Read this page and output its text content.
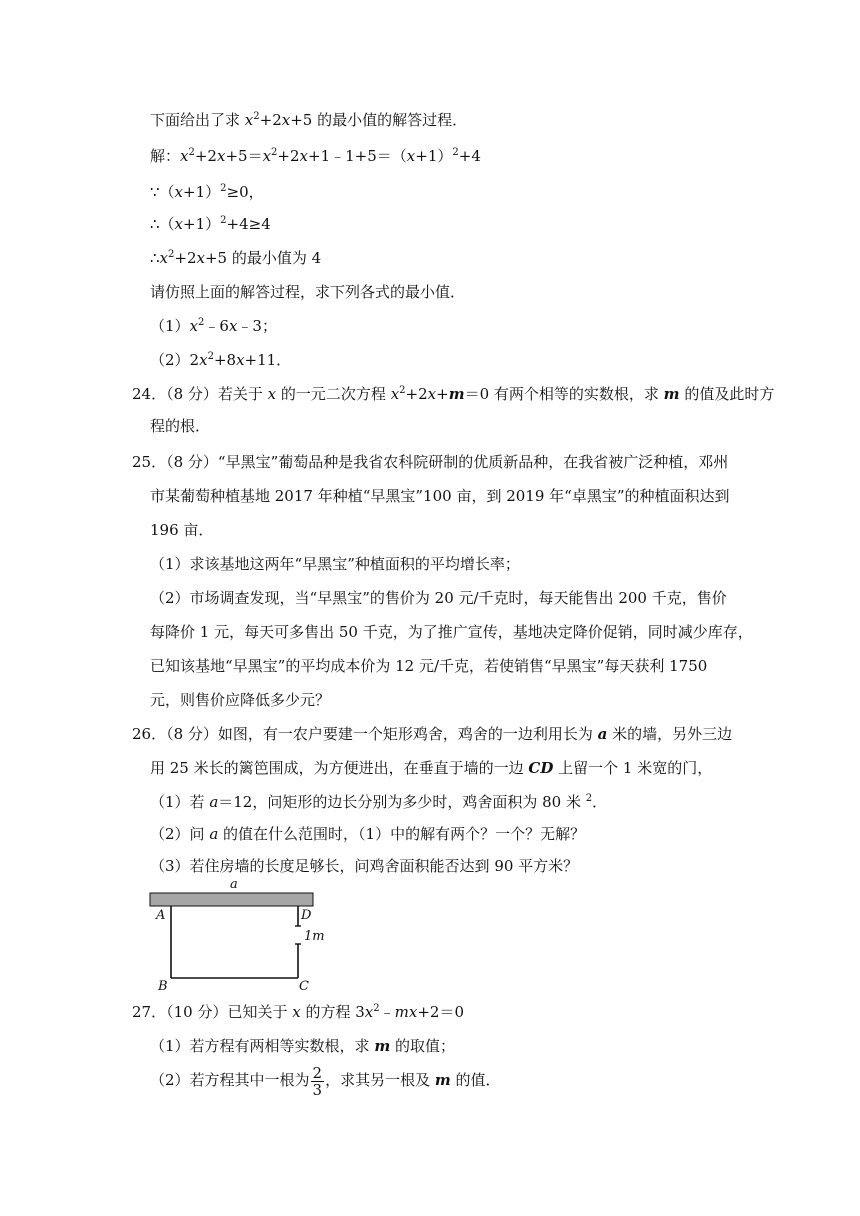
下面给出了求 $x^2+2x+5$ 的最小值的解答过程．
解：$x^2+2x+5=x^2+2x+1﹣1+5=(x+1)^2+4$
$\because(x+1)^2\ge 0$，
$\therefore(x+1)^2+4\ge 4$
$\therefore x^2+2x+5$ 的最小值为 4
请仿照上面的解答过程，求下列各式的最小值．
$(1)x^2﹣6x﹣3$；
$(2)2x^2+8x+11$．
24．（8 分）若关于 x 的一元二次方程 $x^2+2x+m=0$ 有两个相等的实数根，求 m 的值及此时方
程的根．
25．（8 分）“早黑宝”葡萄品种是我省农科院研制的优质新品种，在我省被广泛种植，邓州
市某葡萄种植基地 2017 年种植“早黑宝”100 亩，到 2019 年“卓黑宝”的种植面积达到
196 亩．
（1）求该基地这两年“早黑宝”种植面积的平均增长率；
（2）市场调查发现，当“早黑宝”的售价为 20 元/千克时，每天能售出 200 千克，售价
每降价 1 元，每天可多售出 50 千克，为了推广宣传，基地决定降价促销，同时减少库存，
已知该基地“早黑宝”的平均成本价为 12 元/千克，若使销售“早黑宝”每天获利 1750
元，则售价应降低多少元？
26．（8 分）如图，有一农户要建一个矩形鸡舍，鸡舍的一边利用长为 a 米的墙，另外三边
用 25 米长的篱笆围成，为方便进出，在垂直于墙的一边 CD 上留一个 1 米宽的门，
（1）若 a＝12，问矩形的边长分别为多少时，鸡舍面积为 80 米 $^2$．
（2）问 a 的值在什么范围时，（1）中的解有两个？一个？无解？
（3）若住房墙的长度足够长，问鸡舍面积能否达到 90 平方米？
a
A
B	C
D
1m
27．（10 分）已知关于 x 的方程 $3x^2﹣mx+2=0$
（1）若方程有两相等实数根，求 m 的取值；
（2）若方程其中一根为 $\frac{2}{3}$ ，求其另一根及 m 的值．
